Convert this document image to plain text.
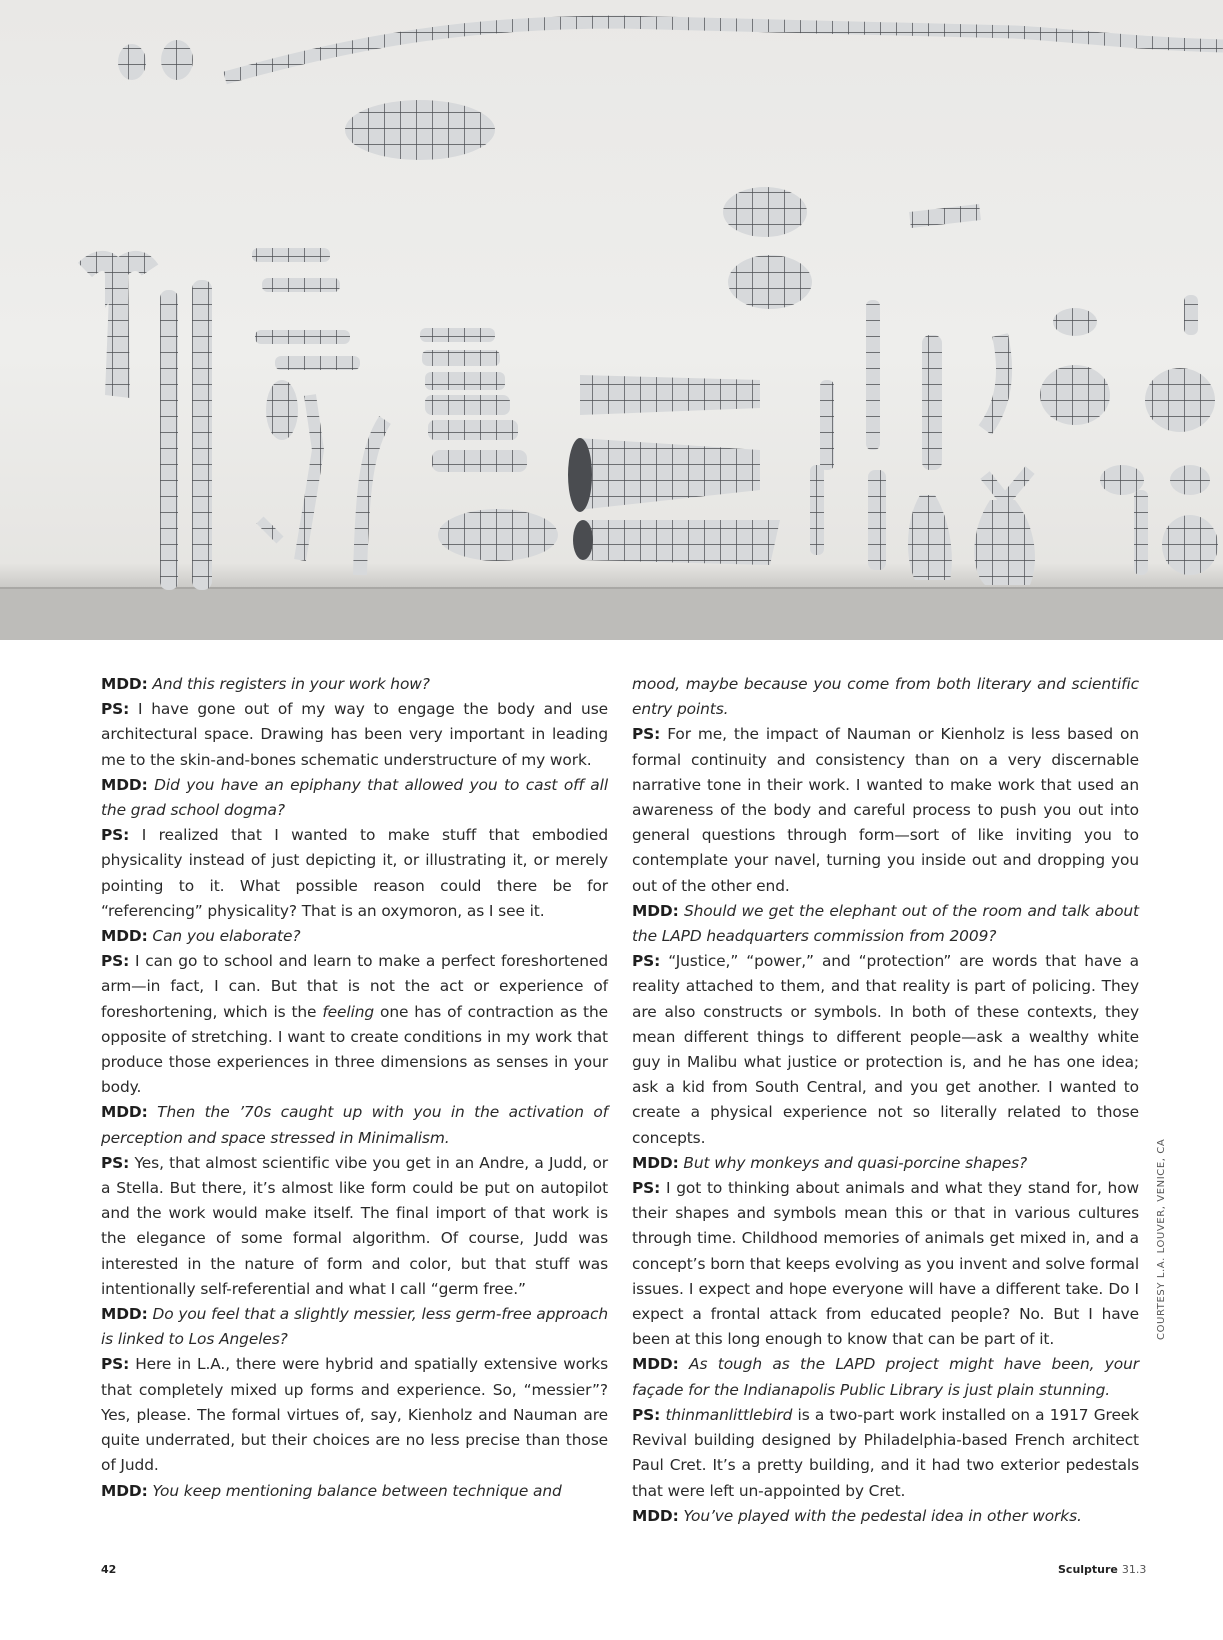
MDD: And this registers in your work how?

PS: I have gone out of my way to engage the body and use architectural space. Drawing has been very important in leading me to the skin-and-bones schematic understructure of my work.

MDD: Did you have an epiphany that allowed you to cast off all the grad school dogma?

PS: I realized that I wanted to make stuff that embodied physicality instead of just depicting it, or illustrating it, or merely pointing to it. What possible reason could there be for “referencing” physicality? That is an oxymoron, as I see it.

MDD: Can you elaborate?

PS: I can go to school and learn to make a perfect foreshortened arm—in fact, I can. But that is not the act or experience of foreshortening, which is the feeling one has of contraction as the opposite of stretching. I want to create conditions in my work that produce those experiences in three dimensions as senses in your body.

MDD: Then the ’70s caught up with you in the activation of perception and space stressed in Minimalism.

PS: Yes, that almost scientific vibe you get in an Andre, a Judd, or a Stella. But there, it’s almost like form could be put on autopilot and the work would make itself. The final import of that work is the elegance of some formal algorithm. Of course, Judd was interested in the nature of form and color, but that stuff was intentionally self-referential and what I call “germ free.”

MDD: Do you feel that a slightly messier, less germ-free approach is linked to Los Angeles?

PS: Here in L.A., there were hybrid and spatially extensive works that completely mixed up forms and experience. So, “messier”? Yes, please. The formal virtues of, say, Kienholz and Nauman are quite underrated, but their choices are no less precise than those of Judd.

MDD: You keep mentioning balance between technique and

mood, maybe because you come from both literary and scientific entry points.

PS: For me, the impact of Nauman or Kienholz is less based on formal continuity and consistency than on a very discernable narrative tone in their work. I wanted to make work that used an awareness of the body and careful process to push you out into general questions through form—sort of like inviting you to contemplate your navel, turning you inside out and dropping you out of the other end.

MDD: Should we get the elephant out of the room and talk about the LAPD headquarters commission from 2009?

PS: “Justice,” “power,” and “protection” are words that have a reality attached to them, and that reality is part of policing. They are also constructs or symbols. In both of these contexts, they mean different things to different people—ask a wealthy white guy in Malibu what justice or protection is, and he has one idea; ask a kid from South Central, and you get another. I wanted to create a physical experience not so literally related to those concepts.

MDD: But why monkeys and quasi-porcine shapes?

PS: I got to thinking about animals and what they stand for, how their shapes and symbols mean this or that in various cultures through time. Childhood memories of animals get mixed in, and a concept’s born that keeps evolving as you invent and solve formal issues. I expect and hope everyone will have a different take. Do I expect a frontal attack from educated people? No. But I have been at this long enough to know that can be part of it.

MDD: As tough as the LAPD project might have been, your façade for the Indianapolis Public Library is just plain stunning.

PS: thinmanlittlebird is a two-part work installed on a 1917 Greek Revival building designed by Philadelphia-based French architect Paul Cret. It’s a pretty building, and it had two exterior pedestals that were left un-appointed by Cret.

MDD: You’ve played with the pedestal idea in other works.

COURTESY L.A. LOUVER, VENICE, CA
42	Sculpture 31.3
